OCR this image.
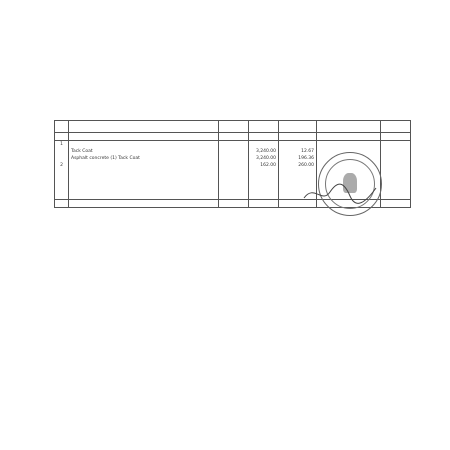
1						
	Tack Coat		3,240.00	12.67		
	Asphalt concrete (1) Tack Coat		3,240.00	196.36		
2			162.00	260.00		
